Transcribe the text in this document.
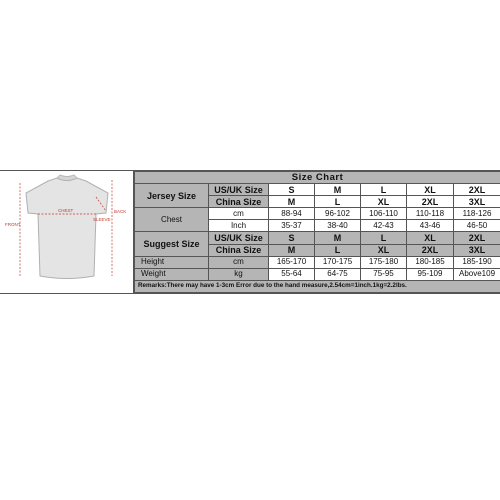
BACK
CHEST
SLEEVE
FRONT
Size Chart						
Jersey Size	US/UK Size	S	M	L	XL	2XL
	China Size	M	L	XL	2XL	3XL
Chest	cm	88-94	96-102	106-110	110-118	118-126
	Inch	35-37	38-40	42-43	43-46	46-50
Suggest Size	US/UK Size	S	M	L	XL	2XL
	China Size	M	L	XL	2XL	3XL
Height	cm	165-170	170-175	175-180	180-185	185-190
Weight	kg	55-64	64-75	75-95	95-109	Above109
Remarks:There may have 1-3cm Error due to the hand measure,2.54cm=1inch.1kg=2.2lbs.						
